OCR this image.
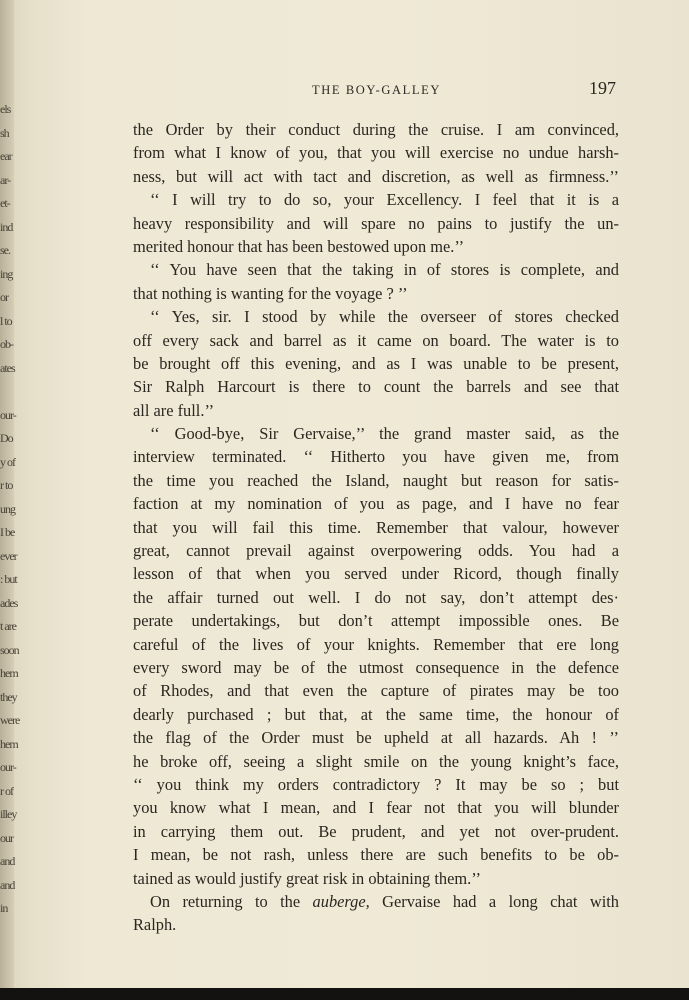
els
sh
ear
ar-
et-
ind
se.
ing
or
l to
ob-
ates
our-
Do
y of
r to
ung
I be
ever
: but
ades
t are
soon
hem
they
were
hem
our-
r of
illey
our
and
and
in
THE BOY-GALLEY	197
the Order by their conduct during the cruise. I am convinced,
from what I know of you, that you will exercise no undue harsh-
ness, but will act with tact and discretion, as well as firmness.’’
‘‘ I will try to do so, your Excellency. I feel that it is a
heavy responsibility and will spare no pains to justify the un-
merited honour that has been bestowed upon me.’’
‘‘ You have seen that the taking in of stores is complete, and
that nothing is wanting for the voyage ? ’’
‘‘ Yes, sir. I stood by while the overseer of stores checked
off every sack and barrel as it came on board. The water is to
be brought off this evening, and as I was unable to be present,
Sir Ralph Harcourt is there to count the barrels and see that
all are full.’’
‘‘ Good-bye, Sir Gervaise,’’ the grand master said, as the
interview terminated. ‘‘ Hitherto you have given me, from
the time you reached the Island, naught but reason for satis-
faction at my nomination of you as page, and I have no fear
that you will fail this time. Remember that valour, however
great, cannot prevail against overpowering odds. You had a
lesson of that when you served under Ricord, though finally
the affair turned out well. I do not say, don’t attempt des·
perate undertakings, but don’t attempt impossible ones. Be
careful of the lives of your knights. Remember that ere long
every sword may be of the utmost consequence in the defence
of Rhodes, and that even the capture of pirates may be too
dearly purchased ; but that, at the same time, the honour of
the flag of the Order must be upheld at all hazards. Ah ! ’’
he broke off, seeing a slight smile on the young knight’s face,
‘‘ you think my orders contradictory ? It may be so ; but
you know what I mean, and I fear not that you will blunder
in carrying them out. Be prudent, and yet not over-prudent.
I mean, be not rash, unless there are such benefits to be ob-
tained as would justify great risk in obtaining them.’’
On returning to the auberge, Gervaise had a long chat with
Ralph.
